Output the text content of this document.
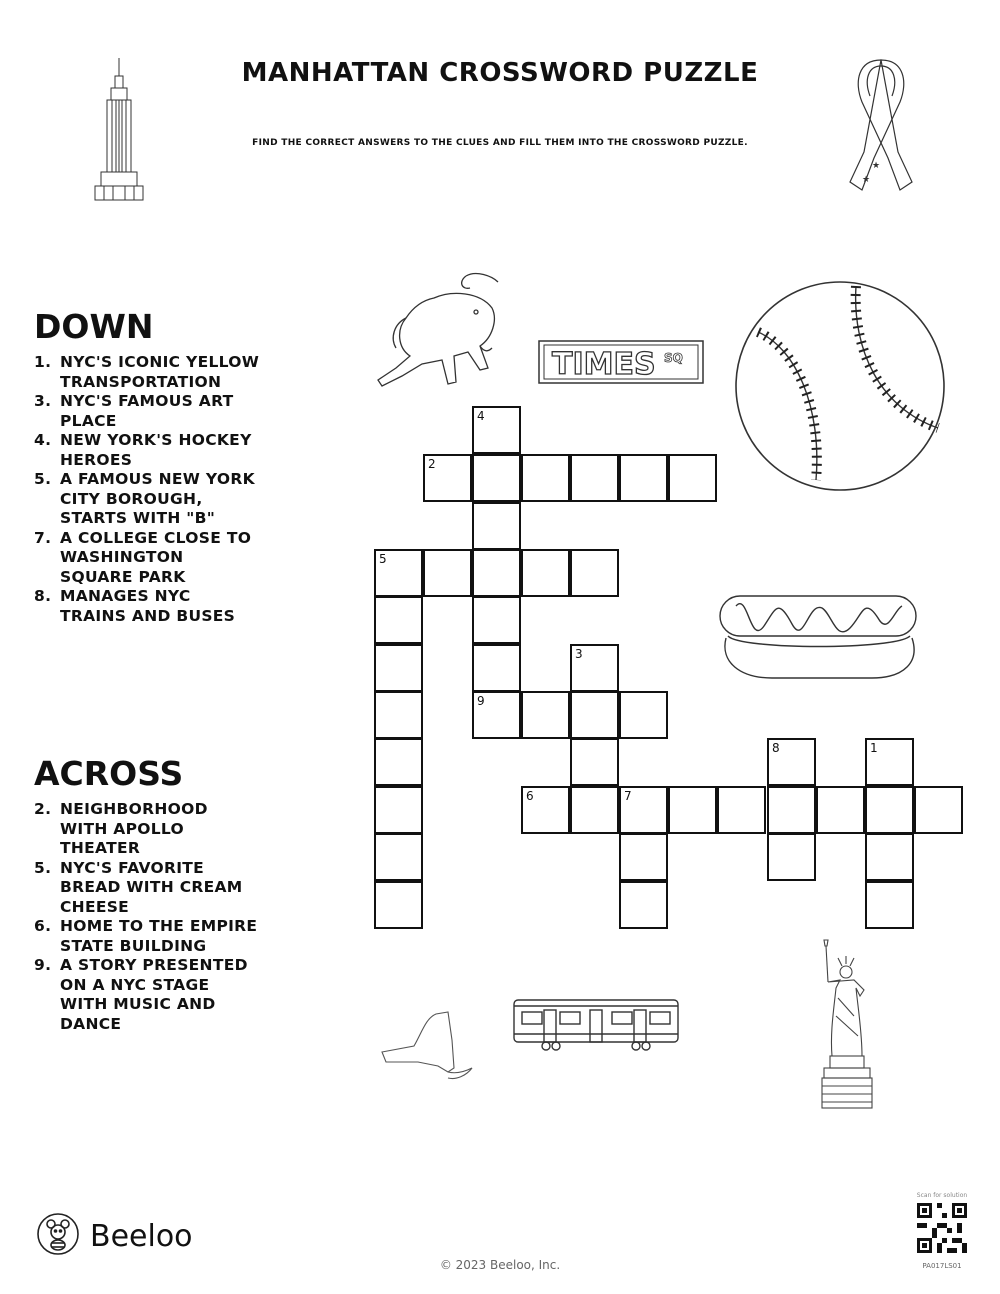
MANHATTAN CROSSWORD PUZZLE
FIND THE CORRECT ANSWERS TO THE CLUES AND FILL THEM INTO THE CROSSWORD PUZZLE.
★
★
DOWN
1. NYC'S ICONIC YELLOW TRANSPORTATION
3. NYC'S FAMOUS ART PLACE
4. NEW YORK'S HOCKEY HEROES
5. A FAMOUS NEW YORK CITY BOROUGH, STARTS WITH "B"
7. A COLLEGE CLOSE TO WASHINGTON SQUARE PARK
8. MANAGES NYC TRAINS AND BUSES
ACROSS
2. NEIGHBORHOOD WITH APOLLO THEATER
5. NYC'S FAVORITE BREAD WITH CREAM CHEESE
6. HOME TO THE EMPIRE STATE BUILDING
9. A STORY PRESENTED ON A NYC STAGE WITH MUSIC AND DANCE
TIMES SQ
4
2
5
3
9
8	1
6	7
Beeloo
© 2023 Beeloo, Inc.
Scan for solution
PA017LS01
